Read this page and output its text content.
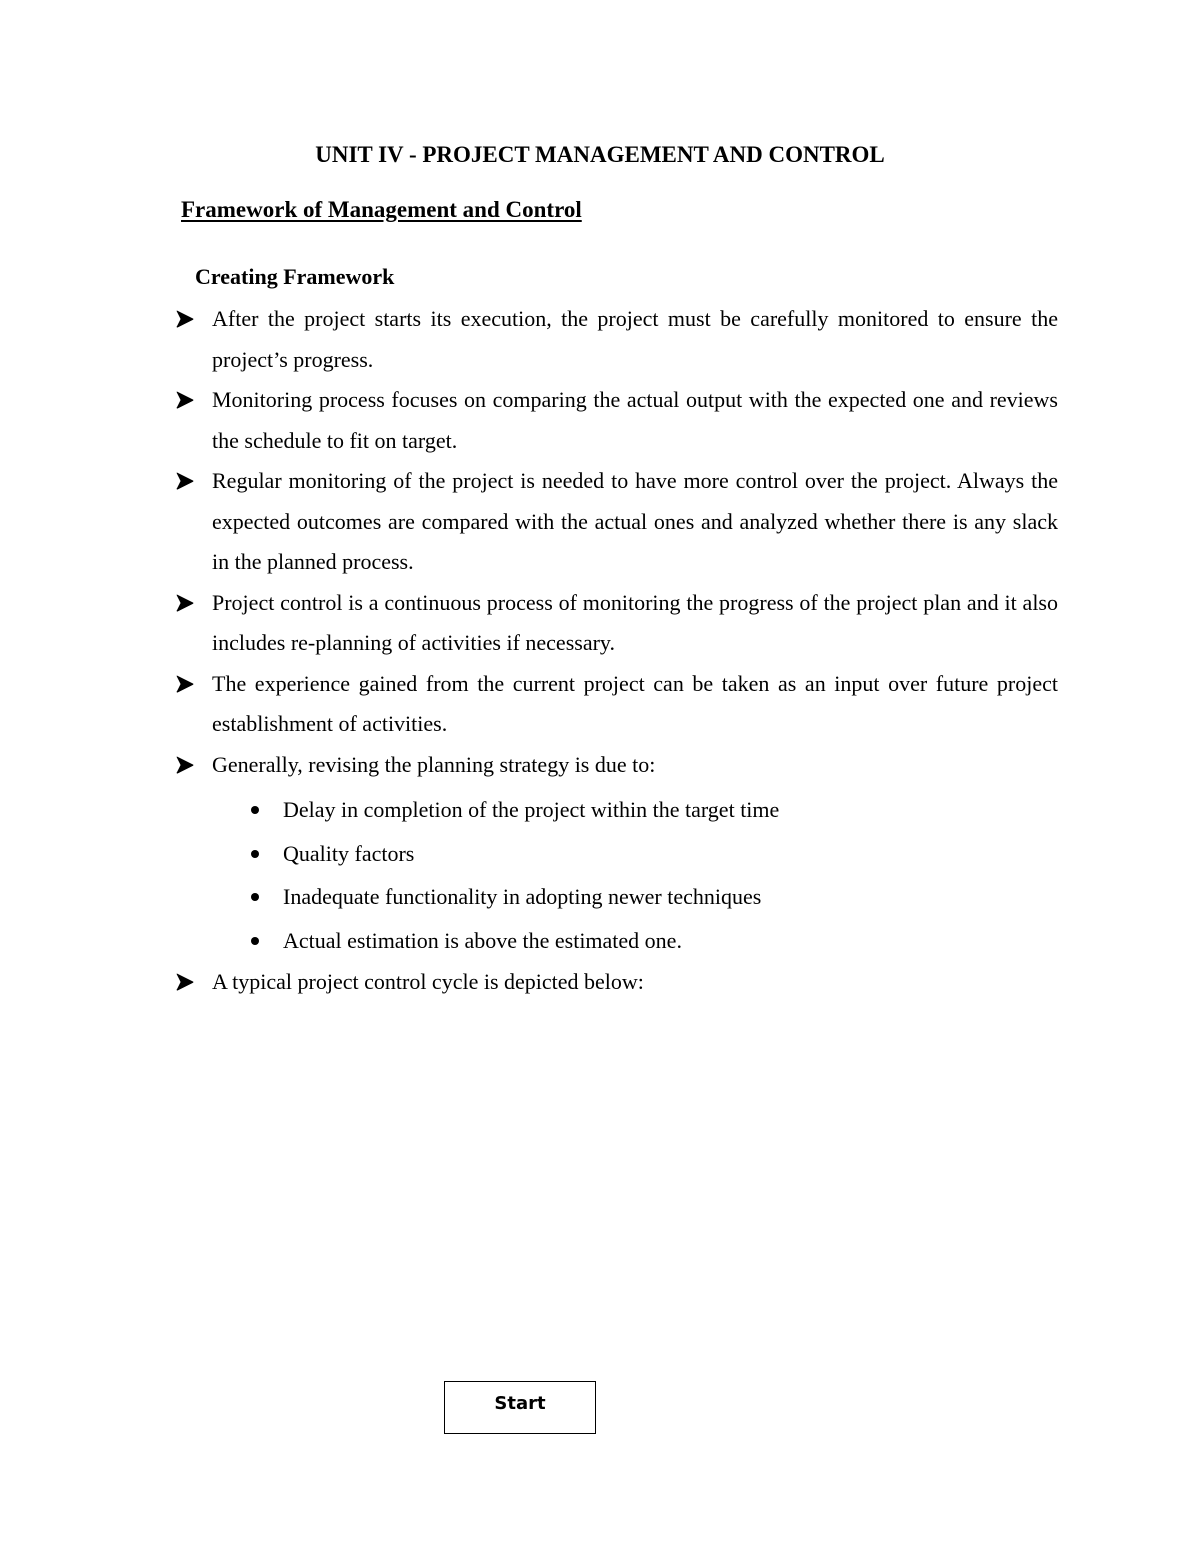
UNIT IV - PROJECT MANAGEMENT AND CONTROL
Framework of Management and Control
Creating Framework
After the project starts its execution, the project must be carefully monitored to ensure the project’s progress.
Monitoring process focuses on comparing the actual output with the expected one and reviews the schedule to fit on target.
Regular monitoring of the project is needed to have more control over the project. Always the expected outcomes are compared with the actual ones and analyzed whether there is any slack in the planned process.
Project control is a continuous process of monitoring the progress of the project plan and it also includes re-planning of activities if necessary.
The experience gained from the current project can be taken as an input over future project establishment of activities.
Generally, revising the planning strategy is due to:
Delay in completion of the project within the target time
Quality factors
Inadequate functionality in adopting newer techniques
Actual estimation is above the estimated one.
A typical project control cycle is depicted below:
Start
